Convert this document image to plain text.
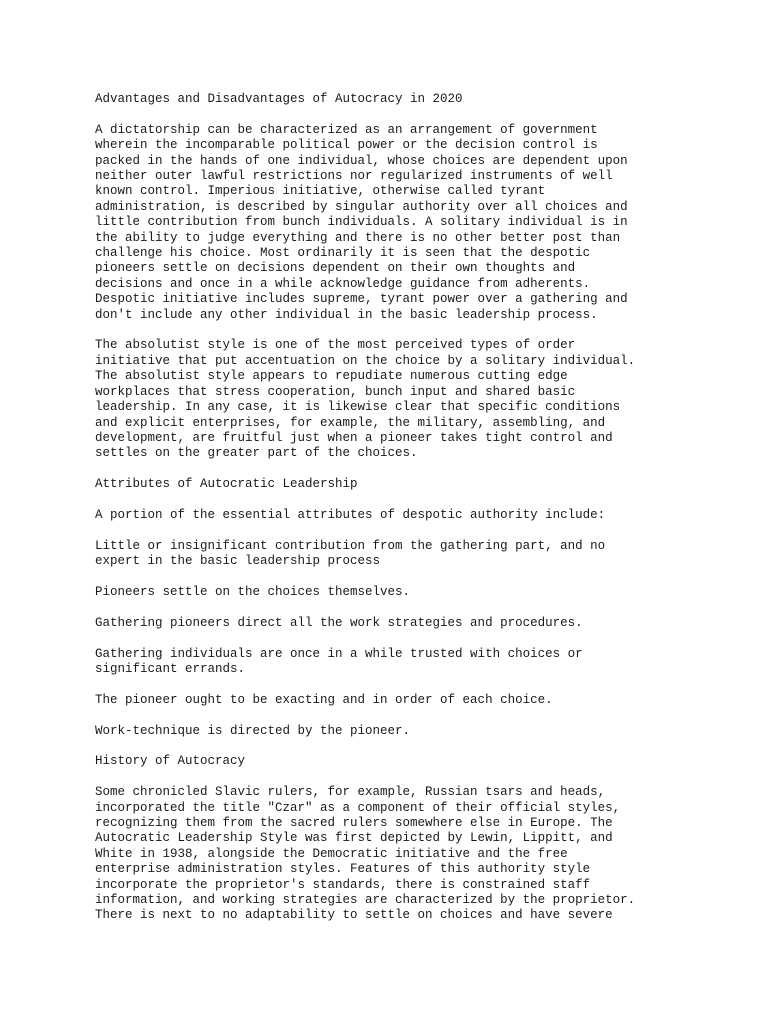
Advantages and Disadvantages of Autocracy in 2020
A dictatorship can be characterized as an arrangement of government
wherein the incomparable political power or the decision control is
packed in the hands of one individual, whose choices are dependent upon
neither outer lawful restrictions nor regularized instruments of well
known control. Imperious initiative, otherwise called tyrant
administration, is described by singular authority over all choices and
little contribution from bunch individuals. A solitary individual is in
the ability to judge everything and there is no other better post than
challenge his choice. Most ordinarily it is seen that the despotic
pioneers settle on decisions dependent on their own thoughts and
decisions and once in a while acknowledge guidance from adherents.
Despotic initiative includes supreme, tyrant power over a gathering and
don't include any other individual in the basic leadership process.
The absolutist style is one of the most perceived types of order
initiative that put accentuation on the choice by a solitary individual.
The absolutist style appears to repudiate numerous cutting edge
workplaces that stress cooperation, bunch input and shared basic
leadership. In any case, it is likewise clear that specific conditions
and explicit enterprises, for example, the military, assembling, and
development, are fruitful just when a pioneer takes tight control and
settles on the greater part of the choices.
Attributes of Autocratic Leadership
A portion of the essential attributes of despotic authority include:
Little or insignificant contribution from the gathering part, and no
expert in the basic leadership process
Pioneers settle on the choices themselves.
Gathering pioneers direct all the work strategies and procedures.
Gathering individuals are once in a while trusted with choices or
significant errands.
The pioneer ought to be exacting and in order of each choice.
Work-technique is directed by the pioneer.
History of Autocracy
Some chronicled Slavic rulers, for example, Russian tsars and heads,
incorporated the title "Czar" as a component of their official styles,
recognizing them from the sacred rulers somewhere else in Europe. The
Autocratic Leadership Style was first depicted by Lewin, Lippitt, and
White in 1938, alongside the Democratic initiative and the free
enterprise administration styles. Features of this authority style
incorporate the proprietor's standards, there is constrained staff
information, and working strategies are characterized by the proprietor.
There is next to no adaptability to settle on choices and have severe
